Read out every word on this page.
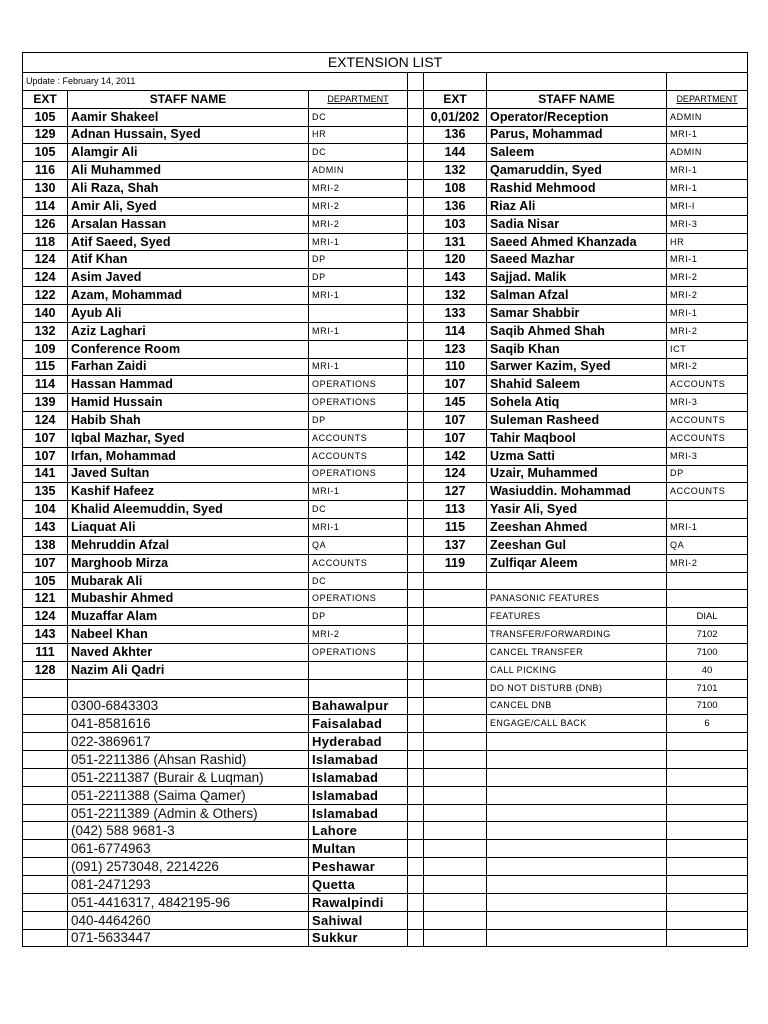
EXTENSION LIST						
Update : February 14, 2011						
EXT	STAFF NAME	DEPARTMENT		EXT	STAFF NAME	DEPARTMENT
105	Aamir Shakeel	DC		0,01/202	Operator/Reception	ADMIN
129	Adnan Hussain, Syed	HR		136	Parus, Mohammad	MRI-1
105	Alamgir Ali	DC		144	Saleem	ADMIN
116	Ali Muhammed	ADMIN		132	Qamaruddin, Syed	MRI-1
130	Ali Raza, Shah	MRI-2		108	Rashid Mehmood	MRI-1
114	Amir Ali, Syed	MRI-2		136	Riaz Ali	MRI-I
126	Arsalan Hassan	MRI-2		103	Sadia Nisar	MRI-3
118	Atif Saeed, Syed	MRI-1		131	Saeed Ahmed Khanzada	HR
124	Atif Khan	DP		120	Saeed Mazhar	MRI-1
124	Asim Javed	DP		143	Sajjad. Malik	MRI-2
122	Azam, Mohammad	MRI-1		132	Salman Afzal	MRI-2
140	Ayub Ali			133	Samar Shabbir	MRI-1
132	Aziz Laghari	MRI-1		114	Saqib Ahmed Shah	MRI-2
109	Conference Room			123	Saqib Khan	ICT
115	Farhan Zaidi	MRI-1		110	Sarwer Kazim, Syed	MRI-2
114	Hassan Hammad	OPERATIONS		107	Shahid Saleem	ACCOUNTS
139	Hamid Hussain	OPERATIONS		145	Sohela Atiq	MRI-3
124	Habib Shah	DP		107	Suleman Rasheed	ACCOUNTS
107	Iqbal Mazhar, Syed	ACCOUNTS		107	Tahir Maqbool	ACCOUNTS
107	Irfan, Mohammad	ACCOUNTS		142	Uzma Satti	MRI-3
141	Javed Sultan	OPERATIONS		124	Uzair, Muhammed	DP
135	Kashif Hafeez	MRI-1		127	Wasiuddin. Mohammad	ACCOUNTS
104	Khalid Aleemuddin, Syed	DC		113	Yasir Ali, Syed	
143	Liaquat Ali	MRI-1		115	Zeeshan Ahmed	MRI-1
138	Mehruddin Afzal	QA		137	Zeeshan Gul	QA
107	Marghoob Mirza	ACCOUNTS		119	Zulfiqar Aleem	MRI-2
105	Mubarak Ali	DC				
121	Mubashir Ahmed	OPERATIONS			PANASONIC FEATURES	
124	Muzaffar Alam	DP			FEATURES	DIAL
143	Nabeel Khan	MRI-2			TRANSFER/FORWARDING	7102
111	Naved Akhter	OPERATIONS			CANCEL TRANSFER	7100
128	Nazim Ali Qadri				CALL PICKING	40
					DO NOT DISTURB (DNB)	7101
	0300-6843303	Bahawalpur			CANCEL DNB	7100
	041-8581616	Faisalabad			ENGAGE/CALL BACK	6
	022-3869617	Hyderabad				
	051-2211386 (Ahsan Rashid)	Islamabad				
	051-2211387 (Burair & Luqman)	Islamabad				
	051-2211388 (Saima Qamer)	Islamabad				
	051-2211389 (Admin & Others)	Islamabad				
	(042) 588 9681-3	Lahore				
	061-6774963	Multan				
	(091) 2573048, 2214226	Peshawar				
	081-2471293	Quetta				
	051-4416317, 4842195-96	Rawalpindi				
	040-4464260	Sahiwal				
	071-5633447	Sukkur				
